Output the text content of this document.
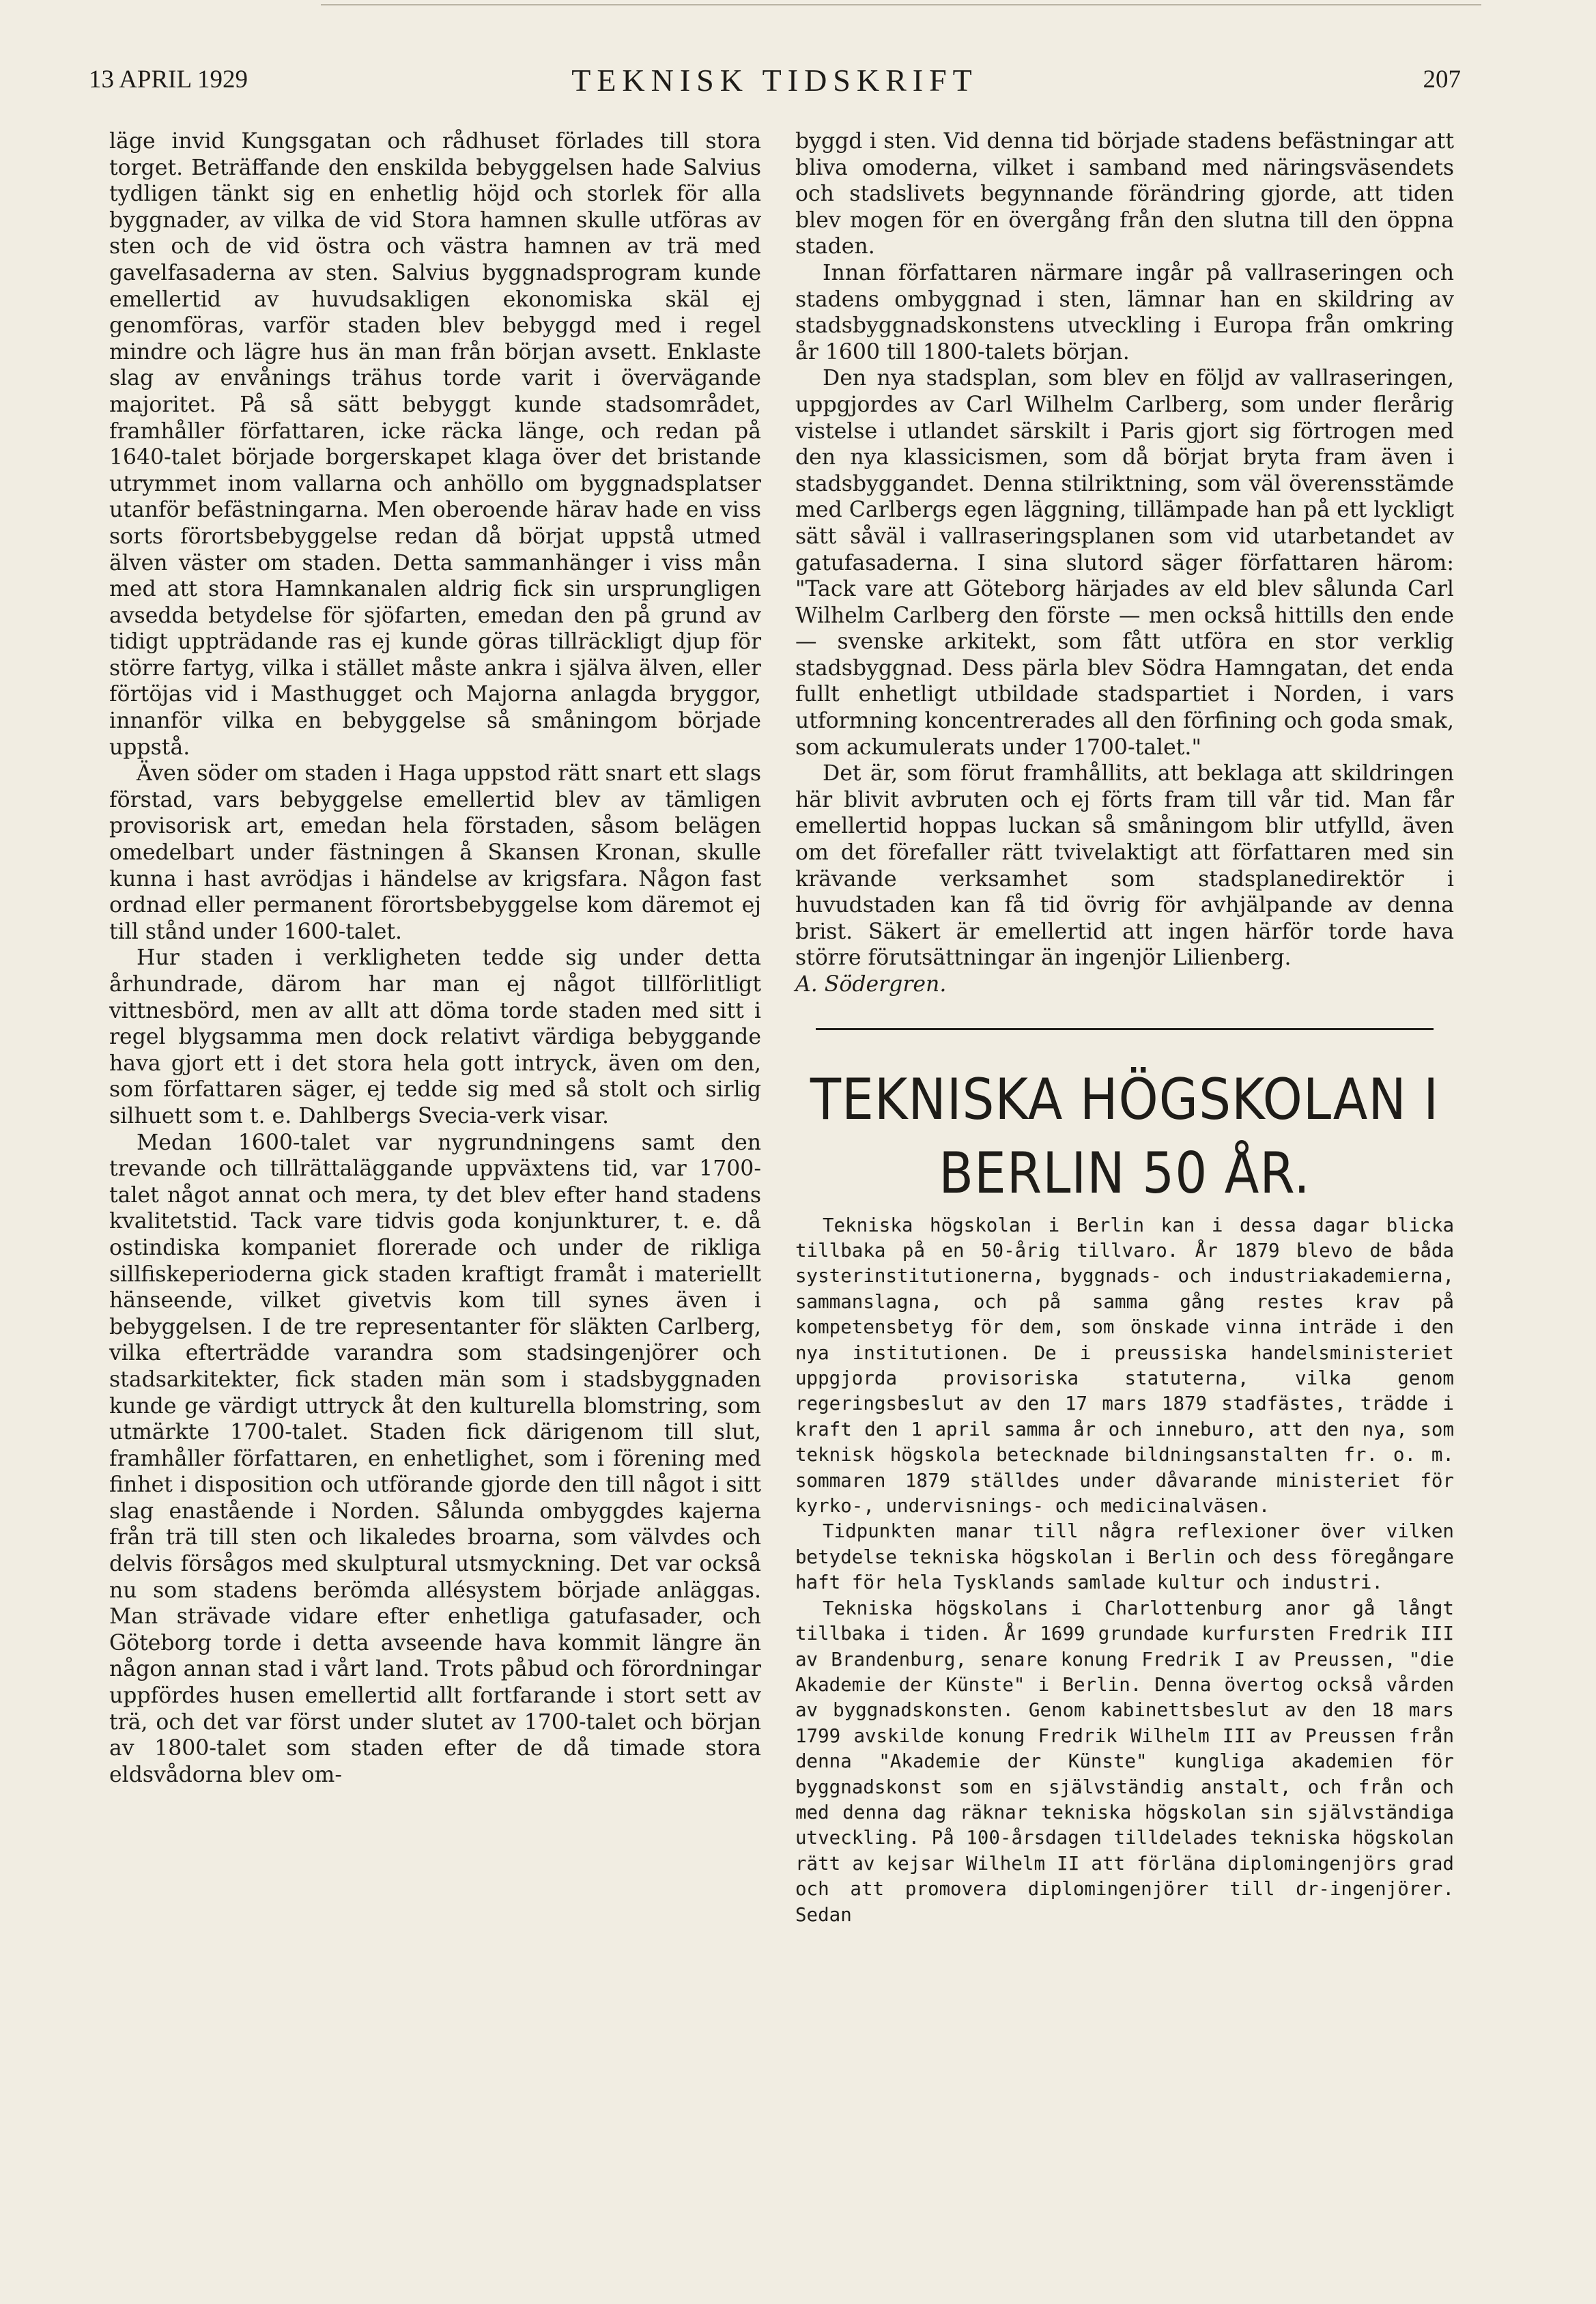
13 APRIL 1929	TEKNISK TIDSKRIFT	207

läge invid Kungsgatan och rådhuset förlades till stora torget. Beträffande den enskilda bebyggelsen hade Salvius tydligen tänkt sig en enhetlig höjd och storlek för alla byggnader, av vilka de vid Stora hamnen skulle utföras av sten och de vid östra och västra hamnen av trä med gavelfasaderna av sten. Salvius byggnadsprogram kunde emellertid av huvudsakligen ekonomiska skäl ej genomföras, varför staden blev bebyggd med i regel mindre och lägre hus än man från början avsett. Enklaste slag av envånings trähus torde varit i övervägande majoritet. På så sätt bebyggt kunde stadsområdet, framhåller författaren, icke räcka länge, och redan på 1640-talet började borgerskapet klaga över det bristande utrymmet inom vallarna och anhöllo om byggnadsplatser utanför befästningarna. Men oberoende härav hade en viss sorts förortsbebyggelse redan då börjat uppstå utmed älven väster om staden. Detta sammanhänger i viss mån med att stora Hamnkanalen aldrig fick sin ursprungligen avsedda betydelse för sjöfarten, emedan den på grund av tidigt uppträdande ras ej kunde göras tillräckligt djup för större fartyg, vilka i stället måste ankra i själva älven, eller förtöjas vid i Masthugget och Majorna anlagda bryggor, innanför vilka en bebyggelse så småningom började uppstå.

Även söder om staden i Haga uppstod rätt snart ett slags förstad, vars bebyggelse emellertid blev av tämligen provisorisk art, emedan hela förstaden, såsom belägen omedelbart under fästningen å Skansen Kronan, skulle kunna i hast avrödjas i händelse av krigsfara. Någon fast ordnad eller permanent förortsbebyggelse kom däremot ej till stånd under 1600-talet.

Hur staden i verkligheten tedde sig under detta århundrade, därom har man ej något tillförlitligt vittnesbörd, men av allt att döma torde staden med sitt i regel blygsamma men dock relativt värdiga bebyggande hava gjort ett i det stora hela gott intryck, även om den, som författaren säger, ej tedde sig med så stolt och sirlig silhuett som t. e. Dahlbergs Svecia-verk visar.

Medan 1600-talet var nygrundningens samt den trevande och tillrättaläggande uppväxtens tid, var 1700-talet något annat och mera, ty det blev efter hand stadens kvalitetstid. Tack vare tidvis goda konjunkturer, t. e. då ostindiska kompaniet florerade och under de rikliga sillfiskeperioderna gick staden kraftigt framåt i materiellt hänseende, vilket givetvis kom till synes även i bebyggelsen. I de tre representanter för släkten Carlberg, vilka efterträdde varandra som stadsingenjörer och stadsarkitekter, fick staden män som i stadsbyggnaden kunde ge värdigt uttryck åt den kulturella blomstring, som utmärkte 1700-talet. Staden fick därigenom till slut, framhåller författaren, en enhetlighet, som i förening med finhet i disposition och utförande gjorde den till något i sitt slag enastående i Norden. Sålunda ombyggdes kajerna från trä till sten och likaledes broarna, som välvdes och delvis försågos med skulptural utsmyckning. Det var också nu som stadens berömda allésystem började anläggas. Man strävade vidare efter enhetliga gatufasader, och Göteborg torde i detta avseende hava kommit längre än någon annan stad i vårt land. Trots påbud och förordningar uppfördes husen emellertid allt fortfarande i stort sett av trä, och det var först under slutet av 1700-talet och början av 1800-talet som staden efter de då timade stora eldsvådorna blev om-

byggd i sten. Vid denna tid började stadens befästningar att bliva omoderna, vilket i samband med näringsväsendets och stadslivets begynnande förändring gjorde, att tiden blev mogen för en övergång från den slutna till den öppna staden.

Innan författaren närmare ingår på vallraseringen och stadens ombyggnad i sten, lämnar han en skildring av stadsbyggnadskonstens utveckling i Europa från omkring år 1600 till 1800-talets början.

Den nya stadsplan, som blev en följd av vallraseringen, uppgjordes av Carl Wilhelm Carlberg, som under flerårig vistelse i utlandet särskilt i Paris gjort sig förtrogen med den nya klassicismen, som då börjat bryta fram även i stadsbyggandet. Denna stilriktning, som väl överensstämde med Carlbergs egen läggning, tillämpade han på ett lyckligt sätt såväl i vallraseringsplanen som vid utarbetandet av gatufasaderna. I sina slutord säger författaren härom: "Tack vare att Göteborg härjades av eld blev sålunda Carl Wilhelm Carlberg den förste — men också hittills den ende — svenske arkitekt, som fått utföra en stor verklig stadsbyggnad. Dess pärla blev Södra Hamngatan, det enda fullt enhetligt utbildade stadspartiet i Norden, i vars utformning koncentrerades all den förfining och goda smak, som ackumulerats under 1700-talet."

Det är, som förut framhållits, att beklaga att skildringen här blivit avbruten och ej förts fram till vår tid. Man får emellertid hoppas luckan så småningom blir utfylld, även om det förefaller rätt tvivelaktigt att författaren med sin krävande verksamhet som stadsplanedirektör i huvudstaden kan få tid övrig för avhjälpande av denna brist. Säkert är emellertid att ingen härför torde hava större förutsättningar än ingenjör Lilienberg.

A. Södergren.

TEKNISKA HÖGSKOLAN I
BERLIN 50 ÅR.

Tekniska högskolan i Berlin kan i dessa dagar blicka tillbaka på en 50-årig tillvaro. År 1879 blevo de båda systerinstitutionerna, byggnads- och industriakademierna, sammanslagna, och på samma gång restes krav på kompetensbetyg för dem, som önskade vinna inträde i den nya institutionen. De i preussiska handelsministeriet uppgjorda provisoriska statuterna, vilka genom regeringsbeslut av den 17 mars 1879 stadfästes, trädde i kraft den 1 april samma år och inneburo, att den nya, som teknisk högskola betecknade bildningsanstalten fr. o. m. sommaren 1879 ställdes under dåvarande ministeriet för kyrko-, undervisnings- och medicinalväsen.

Tidpunkten manar till några reflexioner över vilken betydelse tekniska högskolan i Berlin och dess föregångare haft för hela Tysklands samlade kultur och industri.

Tekniska högskolans i Charlottenburg anor gå långt tillbaka i tiden. År 1699 grundade kurfursten Fredrik III av Brandenburg, senare konung Fredrik I av Preussen, "die Akademie der Künste" i Berlin. Denna övertog också vården av byggnadskonsten. Genom kabinettsbeslut av den 18 mars 1799 avskilde konung Fredrik Wilhelm III av Preussen från denna "Akademie der Künste" kungliga akademien för byggnadskonst som en självständig anstalt, och från och med denna dag räknar tekniska högskolan sin självständiga utveckling. På 100-årsdagen tilldelades tekniska högskolan rätt av kejsar Wilhelm II att förläna diplomingenjörs grad och att promovera diplomingenjörer till dr-ingenjörer. Sedan
